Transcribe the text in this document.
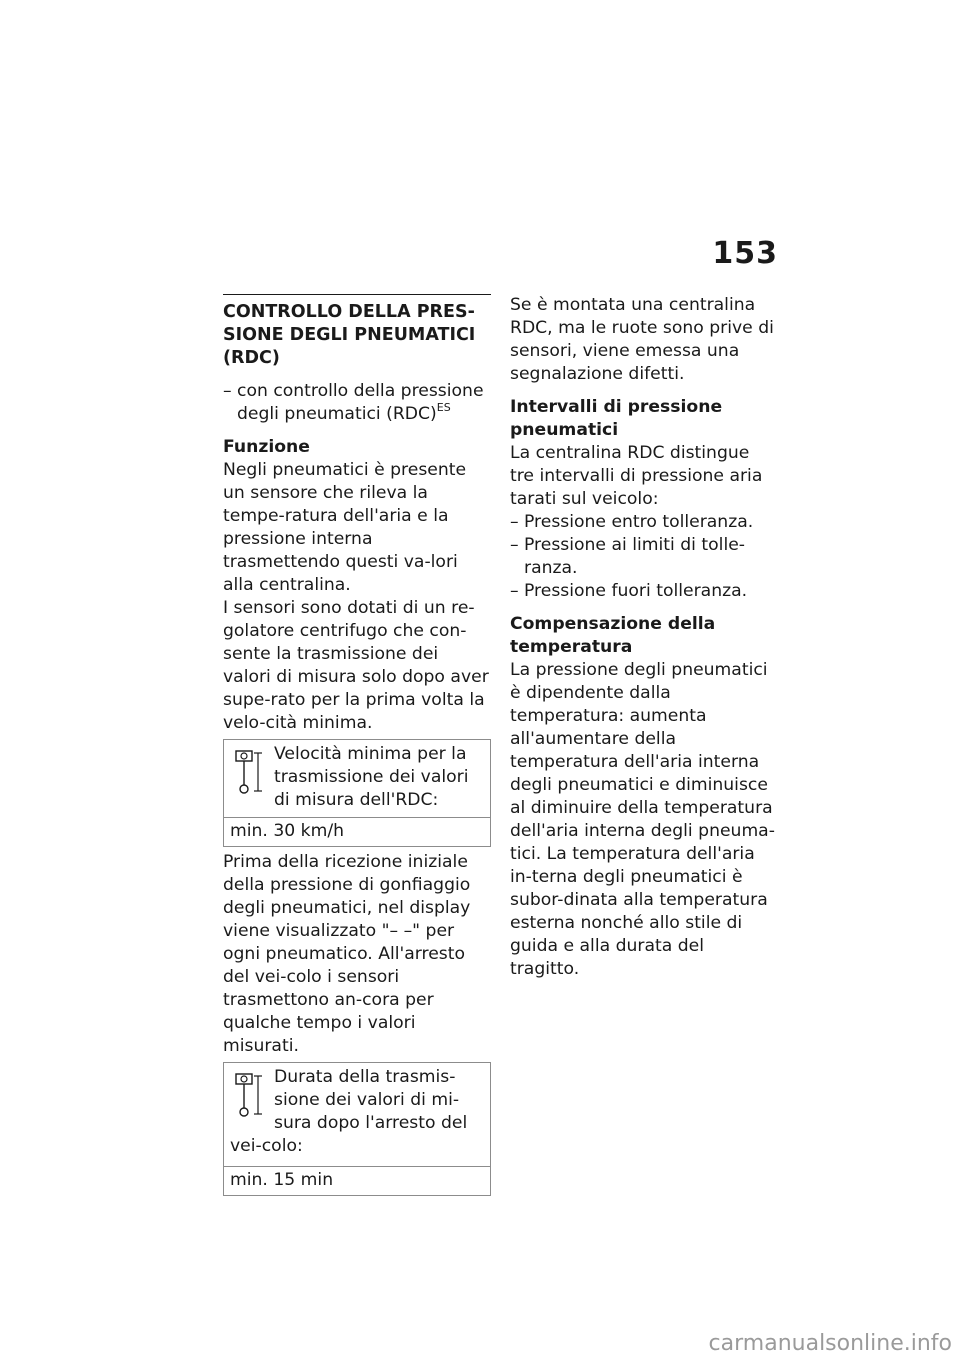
153
CONTROLLO DELLA PRES-SIONE DEGLI PNEUMATICI (RDC)
– con controllo della pressione degli pneumatici (RDC)$^{ES}$
Funzione

Negli pneumatici è presente un sensore che rileva la tempe-ratura dell'aria e la pressione interna trasmettendo questi va-lori alla centralina.

I sensori sono dotati di un re-golatore centrifugo che con-sente la trasmissione dei valori di misura solo dopo aver supe-rato per la prima volta la velo-cità minima.

Velocità minima per la trasmissione dei valori di misura dell'RDC:
min. 30 km/h

Prima della ricezione iniziale della pressione di gonfiaggio degli pneumatici, nel display viene visualizzato "– –" per ogni pneumatico. All'arresto del vei-colo i sensori trasmettono an-cora per qualche tempo i valori misurati.

Durata della trasmis-sione dei valori di mi-sura dopo l'arresto del vei-colo:
min. 15 min

Se è montata una centralina RDC, ma le ruote sono prive di sensori, viene emessa una segnalazione difetti.

Intervalli di pressione pneumatici

La centralina RDC distingue tre intervalli di pressione aria tarati sul veicolo:

– Pressione entro tolleranza.
– Pressione ai limiti di tolle-ranza.
– Pressione fuori tolleranza.
Compensazione della temperatura

La pressione degli pneumatici è dipendente dalla temperatura: aumenta all'aumentare della temperatura dell'aria interna degli pneumatici e diminuisce al diminuire della temperatura dell'aria interna degli pneuma-tici. La temperatura dell'aria in-terna degli pneumatici è subor-dinata alla temperatura esterna nonché allo stile di guida e alla durata del tragitto.

carmanualsonline.info
